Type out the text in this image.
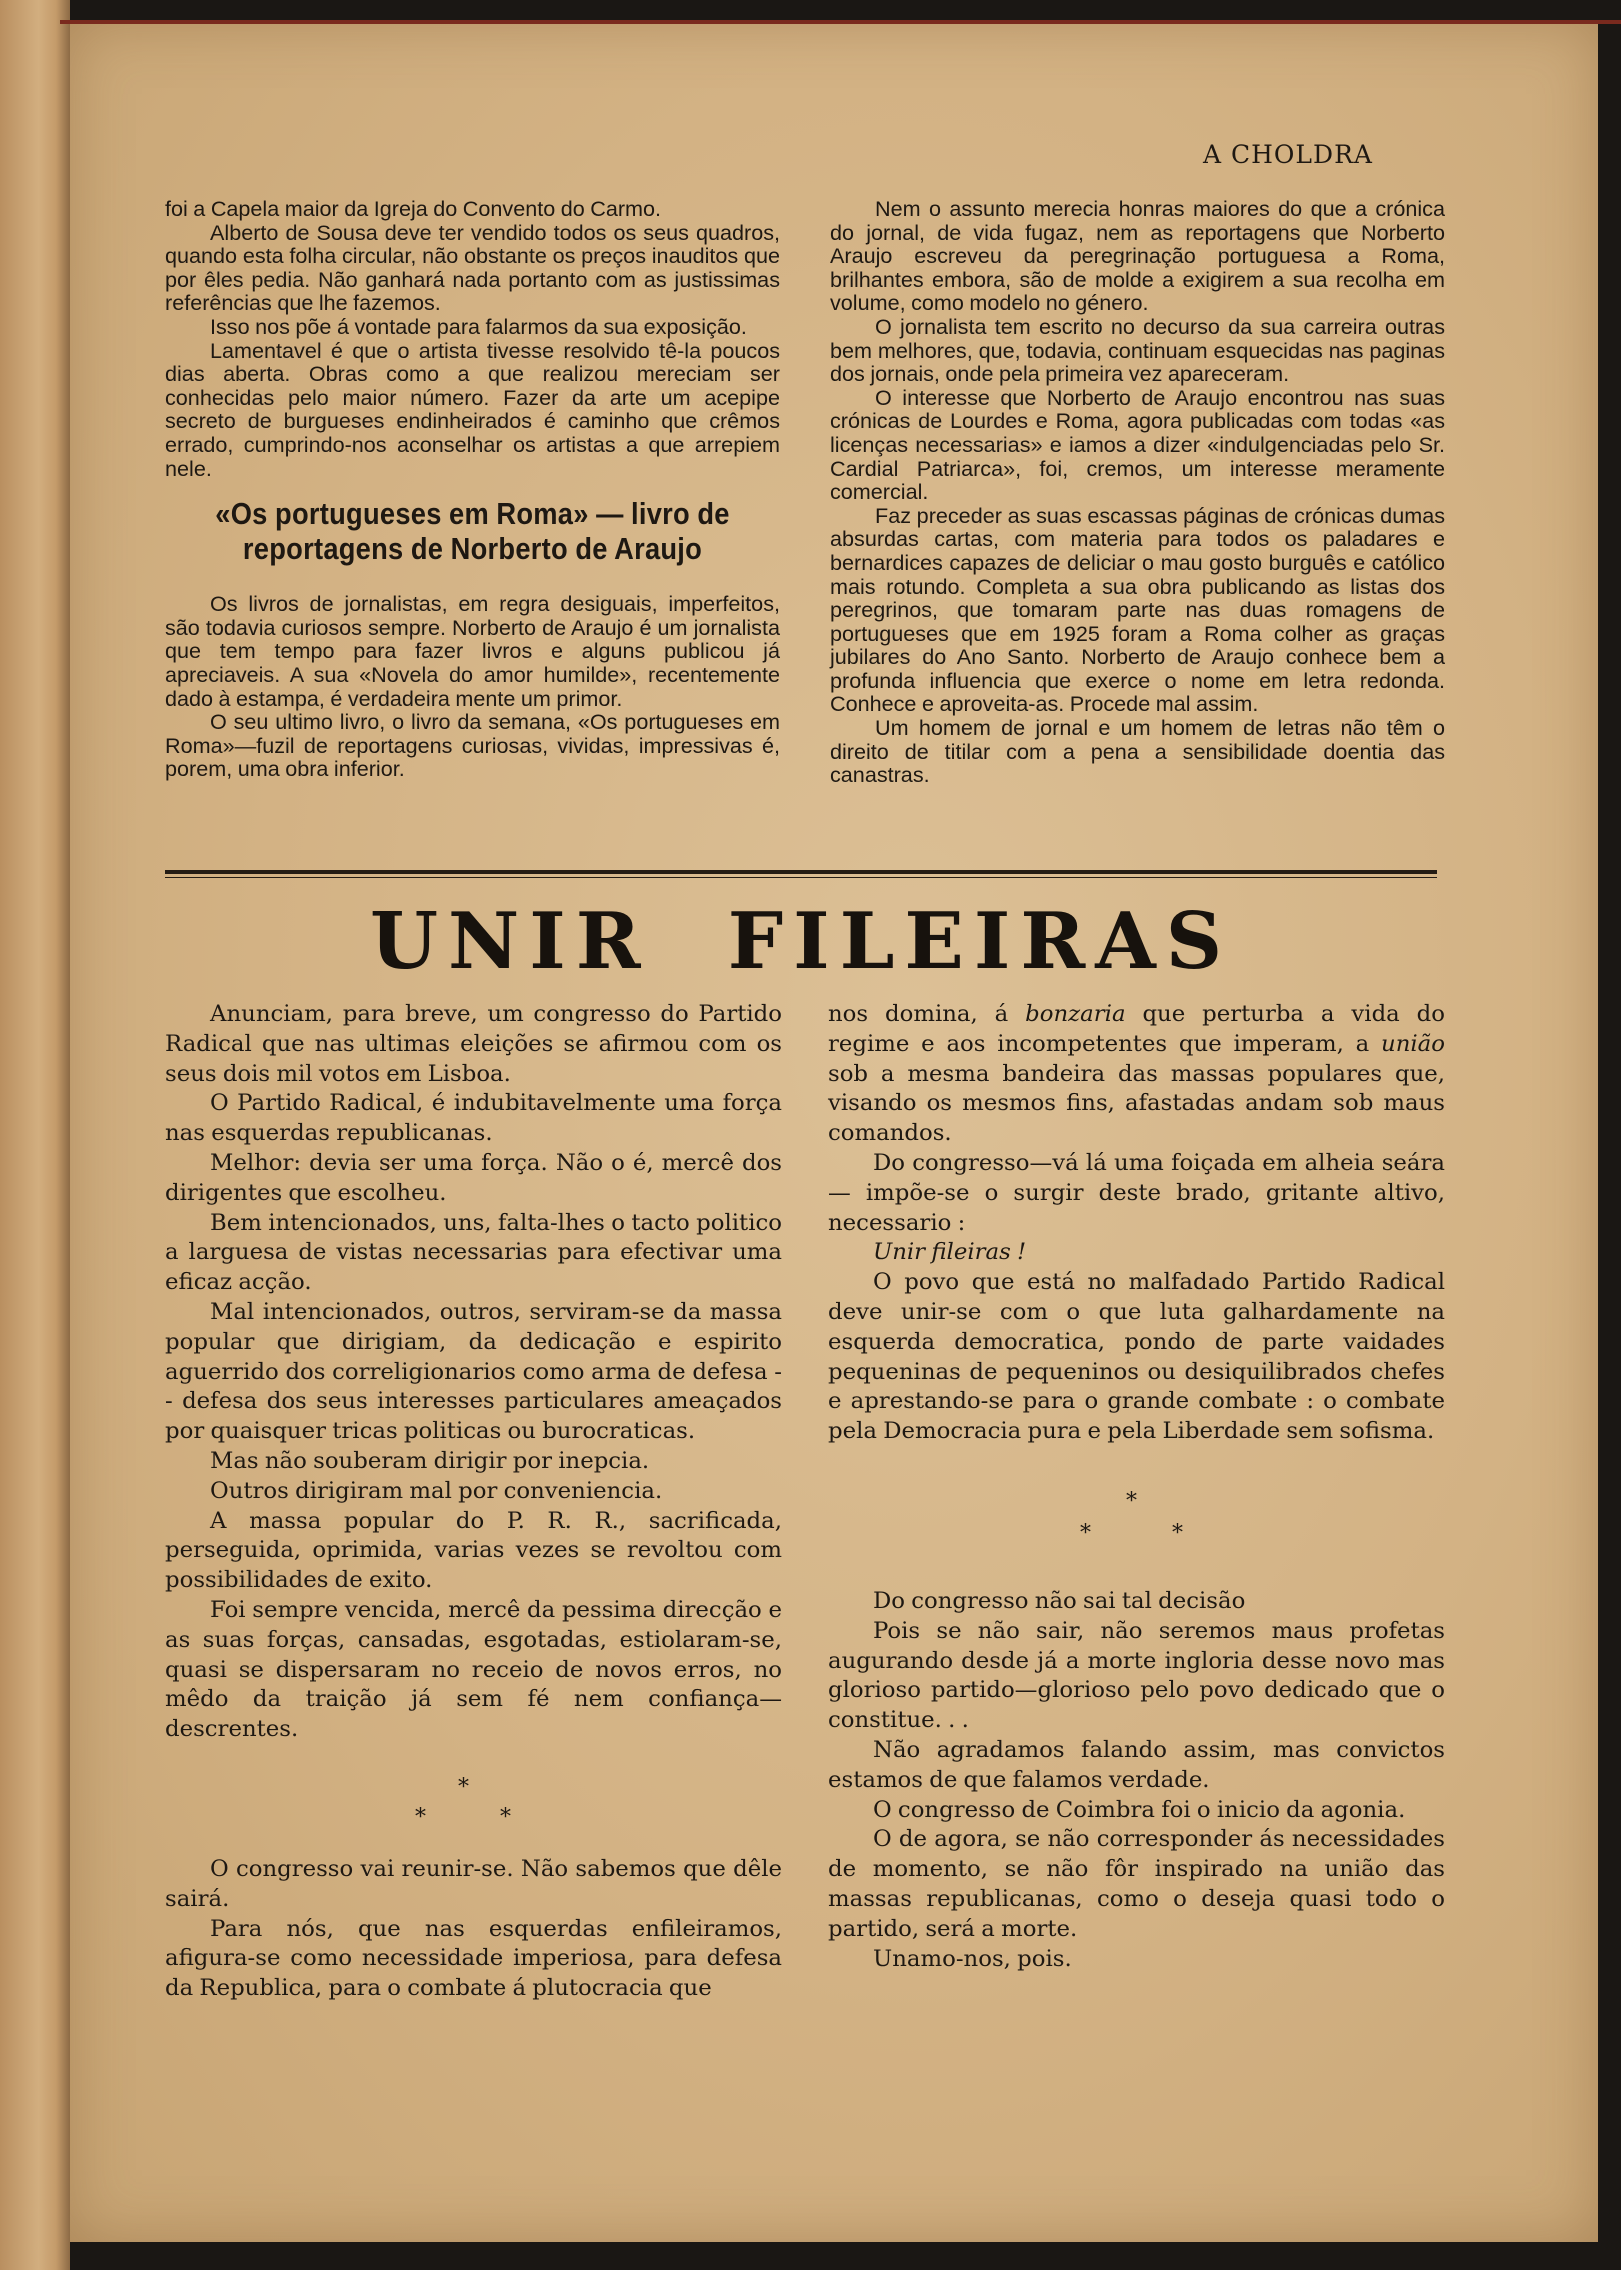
A CHOLDRA

foi a Capela maior da Igreja do Convento do Carmo.

Alberto de Sousa deve ter vendido todos os seus quadros, quando esta folha circular, não obstante os preços inauditos que por êles pedia. Não ganhará nada portanto com as justissimas referências que lhe fazemos.

Isso nos põe á vontade para falarmos da sua exposição.

Lamentavel é que o artista tivesse resolvido tê-la poucos dias aberta. Obras como a que realizou mereciam ser conhecidas pelo maior número. Fazer da arte um acepipe secreto de burgueses endinheirados é caminho que crêmos errado, cumprindo-nos aconselhar os artistas a que arrepiem nele.

«Os portugueses em Roma» — livro de reportagens de Norberto de Araujo

Os livros de jornalistas, em regra desiguais, imperfeitos, são todavia curiosos sempre. Norberto de Araujo é um jornalista que tem tempo para fazer livros e alguns publicou já apreciaveis. A sua «Novela do amor humilde», recentemente dado à estampa, é verdadeira mente um primor.

O seu ultimo livro, o livro da semana, «Os portugueses em Roma»—fuzil de reportagens curiosas, vividas, impressivas é, porem, uma obra inferior.

Nem o assunto merecia honras maiores do que a crónica do jornal, de vida fugaz, nem as reportagens que Norberto Araujo escreveu da peregrinação portuguesa a Roma, brilhantes embora, são de molde a exigirem a sua recolha em volume, como modelo no género.

O jornalista tem escrito no decurso da sua carreira outras bem melhores, que, todavia, continuam esquecidas nas paginas dos jornais, onde pela primeira vez apareceram.

O interesse que Norberto de Araujo encontrou nas suas crónicas de Lourdes e Roma, agora publicadas com todas «as licenças necessarias» e iamos a dizer «indulgenciadas pelo Sr. Cardial Patriarca», foi, cremos, um interesse meramente comercial.

Faz preceder as suas escassas páginas de crónicas dumas absurdas cartas, com materia para todos os paladares e bernardices capazes de deliciar o mau gosto burguês e católico mais rotundo. Completa a sua obra publicando as listas dos peregrinos, que tomaram parte nas duas romagens de portugueses que em 1925 foram a Roma colher as graças jubilares do Ano Santo. Norberto de Araujo conhece bem a profunda influencia que exerce o nome em letra redonda. Conhece e aproveita-as. Procede mal assim.

Um homem de jornal e um homem de letras não têm o direito de titilar com a pena a sensibilidade doentia das canastras.

UNIR FILEIRAS

Anunciam, para breve, um congresso do Partido Radical que nas ultimas eleições se afirmou com os seus dois mil votos em Lisboa.

O Partido Radical, é indubitavelmente uma força nas esquerdas republicanas.

Melhor: devia ser uma força. Não o é, mercê dos dirigentes que escolheu.

Bem intencionados, uns, falta-lhes o tacto politico a larguesa de vistas necessarias para efectivar uma eficaz acção.

Mal intencionados, outros, serviram-se da massa popular que dirigiam, da dedicação e espirito aguerrido dos correligionarios como arma de defesa -- defesa dos seus interesses particulares ameaçados por quaisquer tricas politicas ou burocraticas.

Mas não souberam dirigir por inepcia.

Outros dirigiram mal por conveniencia.

A massa popular do P. R. R., sacrificada, perseguida, oprimida, varias vezes se revoltou com possibilidades de exito.

Foi sempre vencida, mercê da pessima direcção e as suas forças, cansadas, esgotadas, estiolaram-se, quasi se dispersaram no receio de novos erros, no mêdo da traição já sem fé nem confiança—descrentes.

*
*	*

O congresso vai reunir-se. Não sabemos que dêle sairá.

Para nós, que nas esquerdas enfileiramos, afigura-se como necessidade imperiosa, para defesa da Republica, para o combate á plutocracia que

nos domina, á bonzaria que perturba a vida do regime e aos incompetentes que imperam, a união sob a mesma bandeira das massas populares que, visando os mesmos fins, afastadas andam sob maus comandos.

Do congresso—vá lá uma foiçada em alheia seára — impõe-se o surgir deste brado, gritante altivo, necessario :

Unir fileiras !

O povo que está no malfadado Partido Radical deve unir-se com o que luta galhardamente na esquerda democratica, pondo de parte vaidades pequeninas de pequeninos ou desiquilibrados chefes e aprestando-se para o grande combate : o combate pela Democracia pura e pela Liberdade sem sofisma.

*
*	*

Do congresso não sai tal decisão

Pois se não sair, não seremos maus profetas augurando desde já a morte ingloria desse novo mas glorioso partido—glorioso pelo povo dedicado que o constitue. . .

Não agradamos falando assim, mas convictos estamos de que falamos verdade.

O congresso de Coimbra foi o inicio da agonia.

O de agora, se não corresponder ás necessidades de momento, se não fôr inspirado na união das massas republicanas, como o deseja quasi todo o partido, será a morte.

Unamo-nos, pois.
